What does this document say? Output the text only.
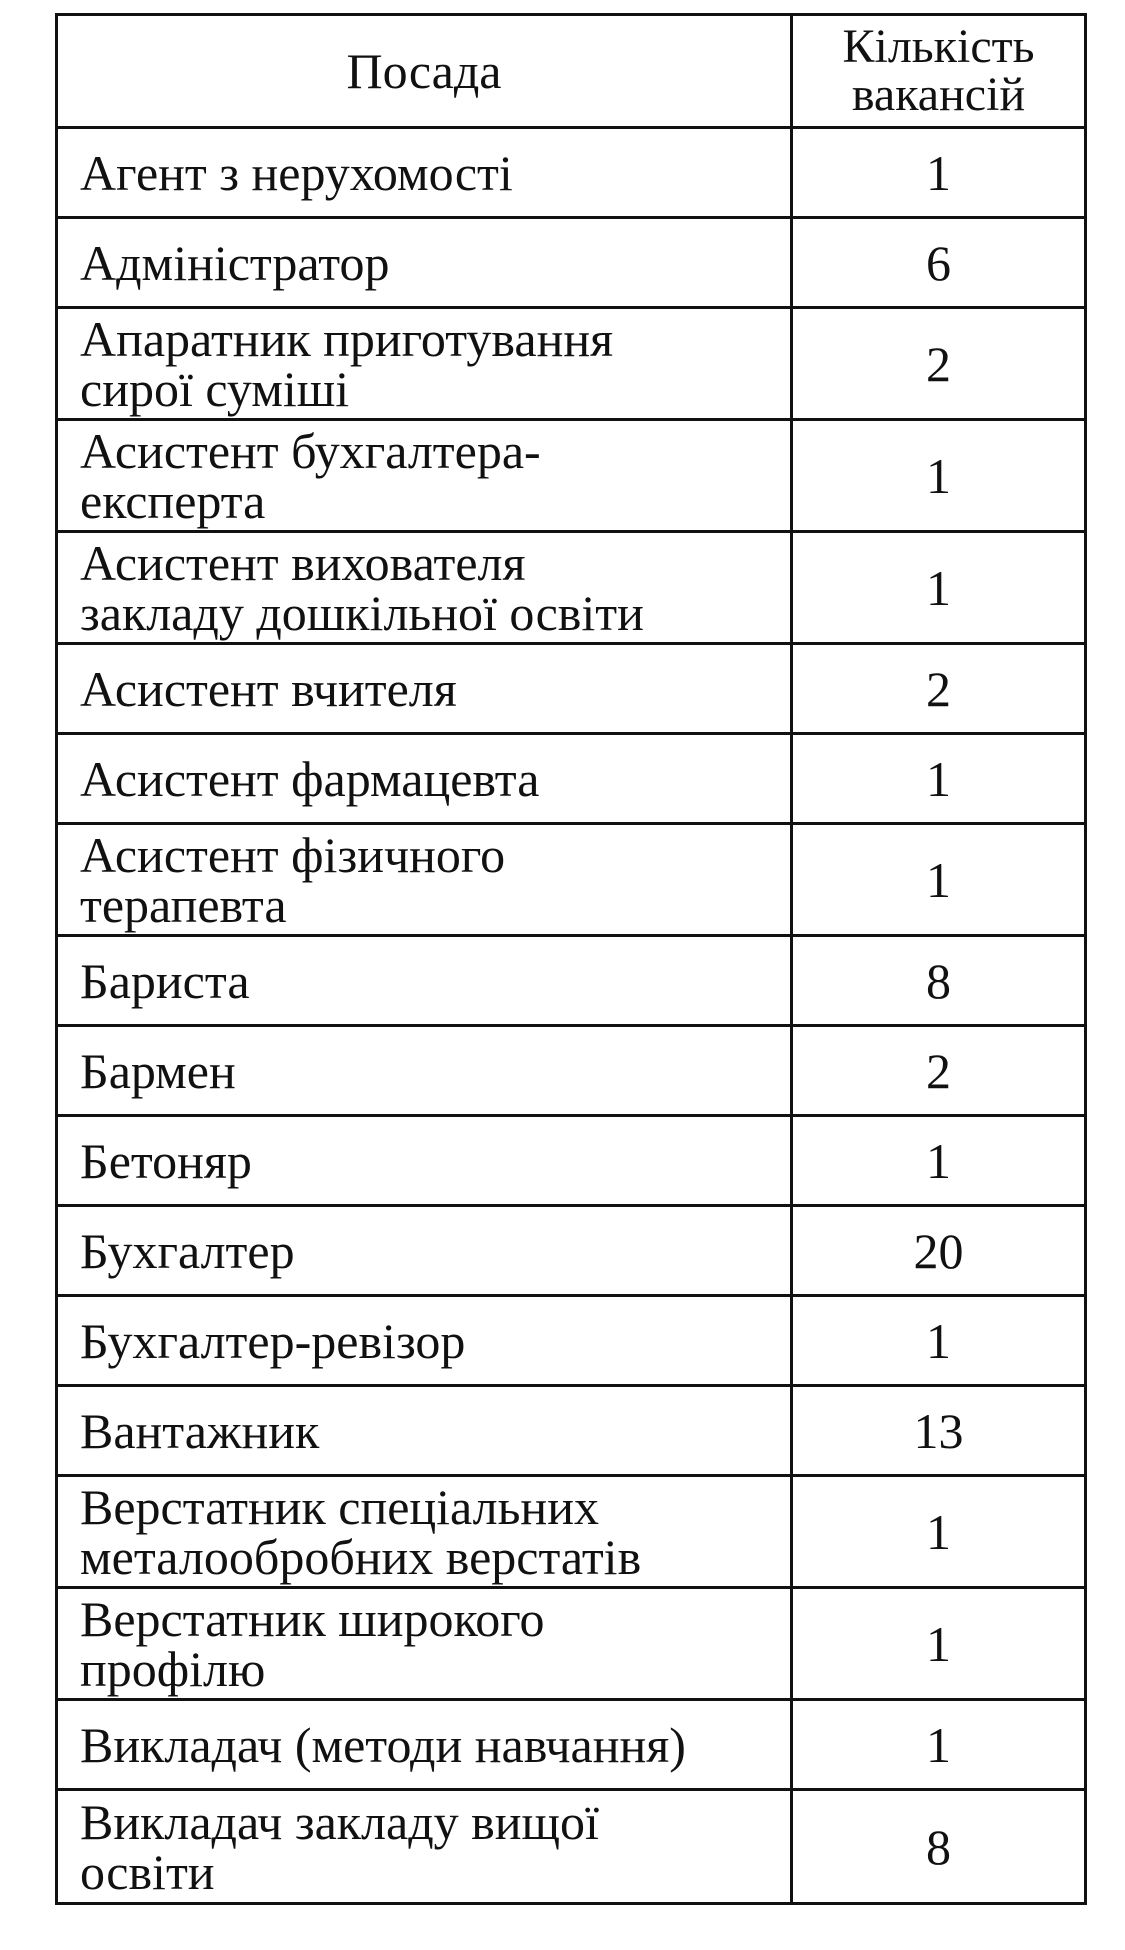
Посада	Кількість
вакансій
Агент з нерухомості	1
Адміністратор	6
Апаратник приготування
сирої суміші	2
Асистент бухгалтера-
експерта	1
Асистент вихователя
закладу дошкільної освіти	1
Асистент вчителя	2
Асистент фармацевта	1
Асистент фізичного
терапевта	1
Бариста	8
Бармен	2
Бетоняр	1
Бухгалтер	20
Бухгалтер-ревізор	1
Вантажник	13
Верстатник спеціальних
металообробних верстатів	1
Верстатник широкого
профілю	1
Викладач (методи навчання)	1
Викладач закладу вищої
освіти	8
